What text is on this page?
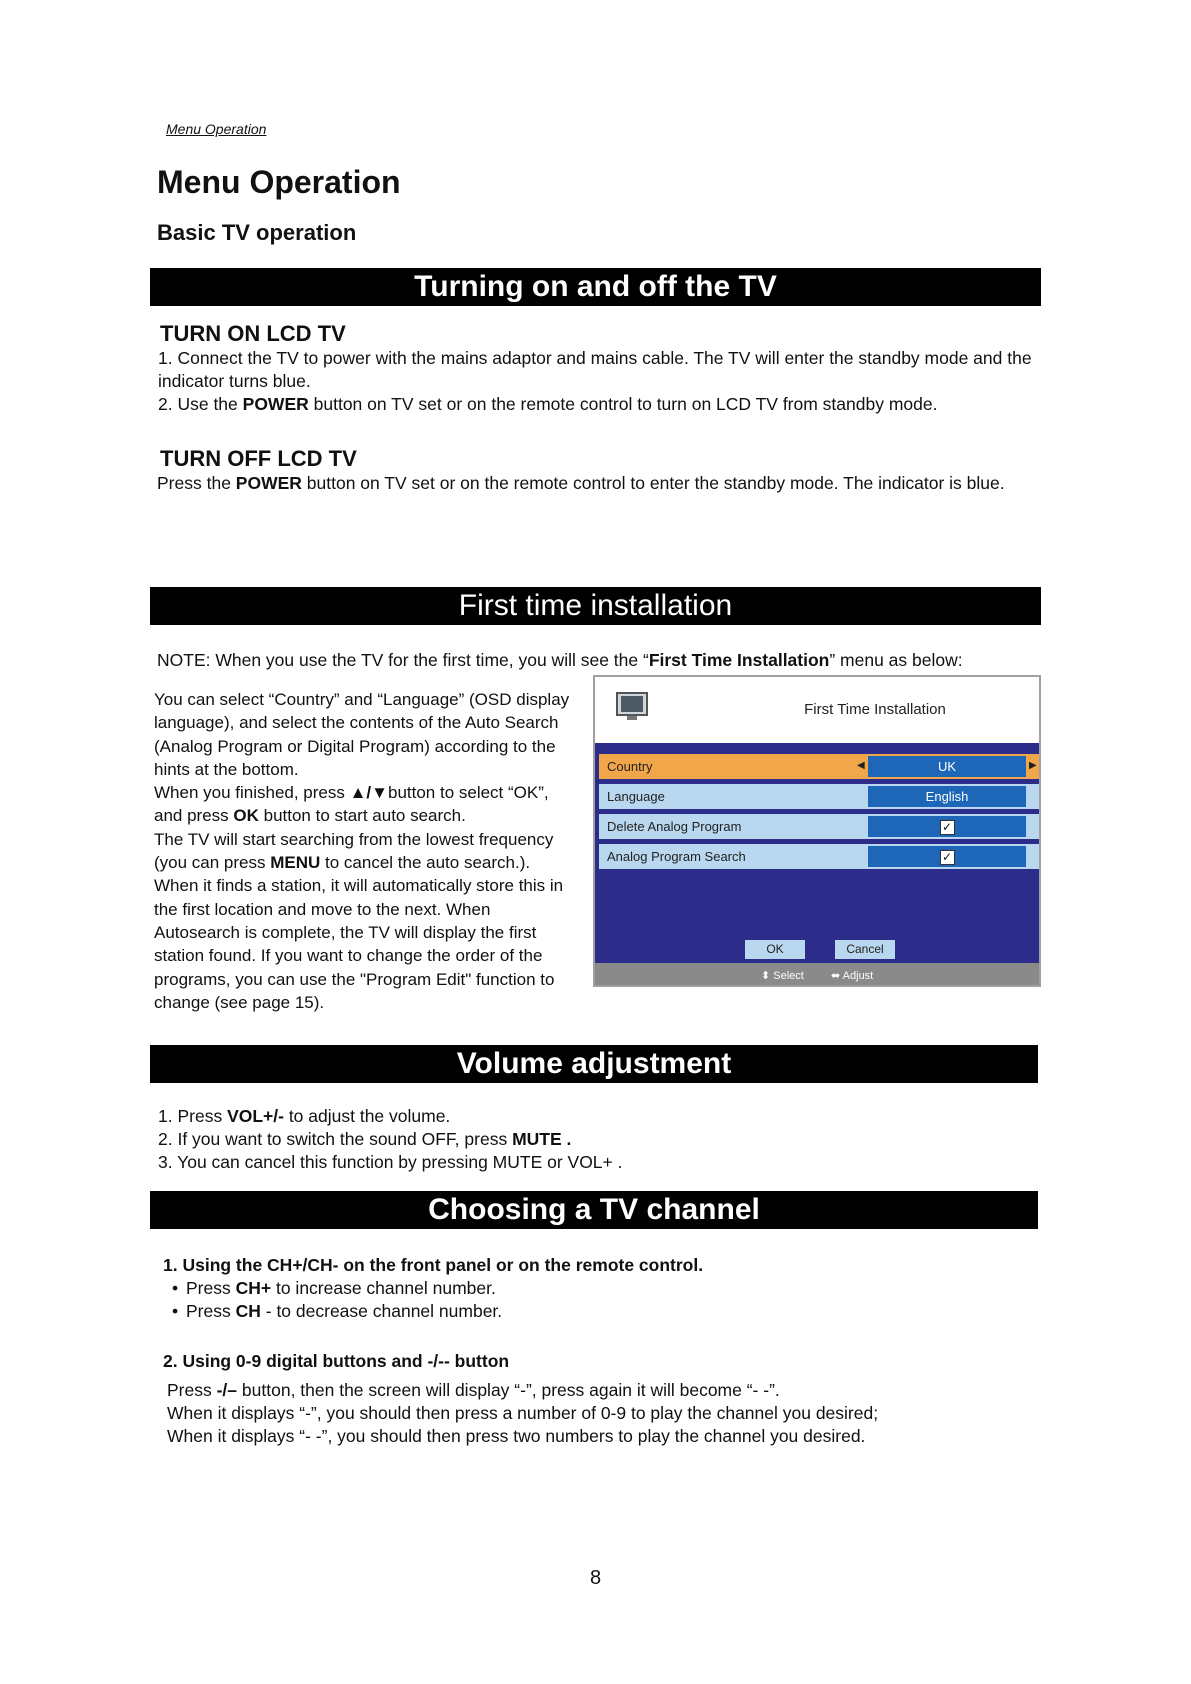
Menu Operation
Menu Operation
Basic TV operation
Turning on and off the TV
TURN ON LCD TV

1. Connect the TV to power with the mains adaptor and mains cable. The TV will enter the standby mode and the indicator turns blue.

2. Use the POWER button on TV set or on the remote control to turn on LCD TV from standby mode.

TURN OFF LCD TV

Press the POWER button on TV set or on the remote control to enter the standby mode. The indicator is blue.

First time installation

NOTE: When you use the TV for the first time, you will see the “First Time Installation” menu as below:

You can select “Country” and “Language” (OSD display language), and select the contents of the Auto Search (Analog Program or Digital Program) according to the hints at the bottom.

When you finished, press ▲/▼button to select “OK”, and press OK button to start auto search.

The TV will start searching from the lowest frequency (you can press MENU to cancel the auto search.). When it finds a station, it will automatically store this in the first location and move to the next. When Autosearch is complete, the TV will display the first station found. If you want to change the order of the programs, you can use the "Program Edit" function to change (see page 15).

First Time Installation
Country	◀	UK	▶
Language	English
Delete Analog Program	✓
Analog Program Search	✓
OK	Cancel
⬍ Select ⬌ Adjust
Volume adjustment

1. Press VOL+/- to adjust the volume.

2. If you want to switch the sound OFF, press MUTE .

3. You can cancel this function by pressing MUTE or VOL+ .

Choosing a TV channel
1. Using the CH+/CH- on the front panel or on the remote control.
• Press CH+ to increase channel number.
• Press CH - to decrease channel number.
2. Using 0-9 digital buttons and -/-- button

Press -/– button, then the screen will display “-”, press again it will become “- -”.

When it displays “-”, you should then press a number of 0-9 to play the channel you desired;

When it displays “- -”, you should then press two numbers to play the channel you desired.

8
